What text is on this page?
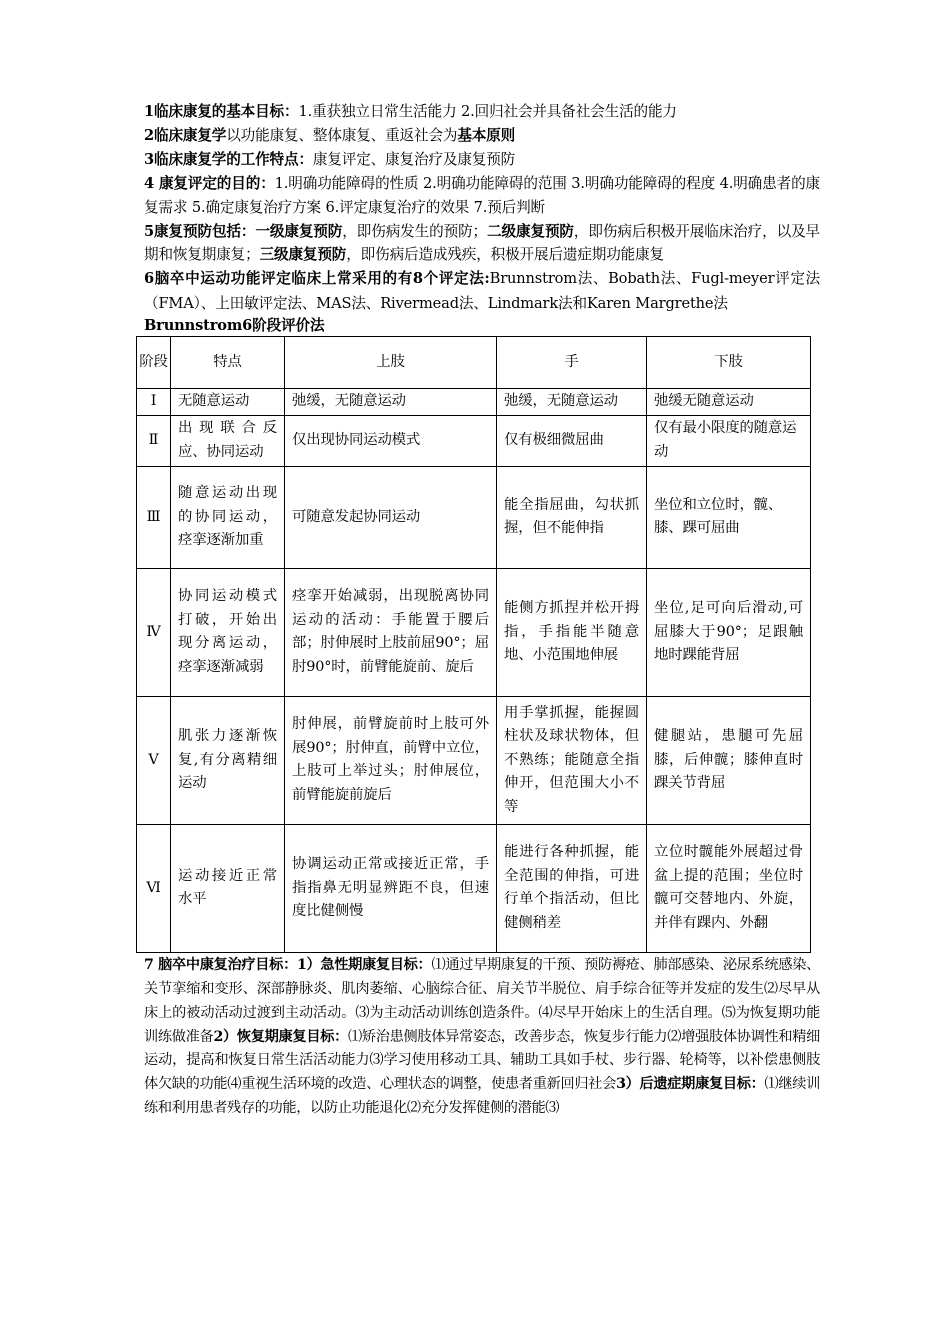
1临床康复的基本目标：1.重获独立日常生活能力 2.回归社会并具备社会生活的能力

2临床康复学以功能康复、整体康复、重返社会为基本原则

3临床康复学的工作特点：康复评定、康复治疗及康复预防

4 康复评定的目的：1.明确功能障碍的性质 2.明确功能障碍的范围 3.明确功能障碍的程度 4.明确患者的康复需求 5.确定康复治疗方案 6.评定康复治疗的效果 7.预后判断

5康复预防包括：一级康复预防，即伤病发生的预防；二级康复预防，即伤病后积极开展临床治疗，以及早期和恢复期康复；三级康复预防，即伤病后造成残疾，积极开展后遗症期功能康复

6脑卒中运动功能评定临床上常采用的有8个评定法:Brunnstrom法、Bobath法、Fugl-meyer评定法（FMA）、上田敏评定法、MAS法、Rivermead法、Lindmark法和Karen Margrethe法

Brunnstrom6阶段评价法
阶段	特点	上肢	手	下肢
Ⅰ	无随意运动	弛缓，无随意运动	弛缓，无随意运动	弛缓无随意运动
Ⅱ	出现联合反应、协同运动	仅出现协同运动模式	仅有极细微屈曲	仅有最小限度的随意运动
Ⅲ	随意运动出现的协同运动，痉挛逐渐加重	可随意发起协同运动	能全指屈曲，勾状抓握，但不能伸指	坐位和立位时，髋、膝、踝可屈曲
Ⅳ	协同运动模式打破，开始出现分离运动，痉挛逐渐减弱	痉挛开始减弱，出现脱离协同运动的活动：手能置于腰后部；肘伸展时上肢前屈90°；屈肘90°时，前臂能旋前、旋后	能侧方抓捏并松开拇指，手指能半随意地、小范围地伸展	坐位,足可向后滑动,可屈膝大于90°；足跟触地时踝能背屈
Ⅴ	肌张力逐渐恢复,有分离精细运动	肘伸展，前臂旋前时上肢可外展90°；肘伸直，前臂中立位，上肢可上举过头；肘伸展位，前臂能旋前旋后	用手掌抓握，能握圆柱状及球状物体，但不熟练；能随意全指伸开，但范围大小不等	健腿站，患腿可先屈膝，后伸髋；膝伸直时踝关节背屈
Ⅵ	运动接近正常水平	协调运动正常或接近正常，手指指鼻无明显辨距不良，但速度比健侧慢	能进行各种抓握，能全范围的伸指，可进行单个指活动，但比健侧稍差	立位时髋能外展超过骨盆上提的范围；坐位时髋可交替地内、外旋，并伴有踝内、外翻

7 脑卒中康复治疗目标：1）急性期康复目标：⑴通过早期康复的干预、预防褥疮、肺部感染、泌尿系统感染、关节挛缩和变形、深部静脉炎、肌肉萎缩、心脑综合征、肩关节半脱位、肩手综合征等并发症的发生⑵尽早从床上的被动活动过渡到主动活动。⑶为主动活动训练创造条件。⑷尽早开始床上的生活自理。⑸为恢复期功能训练做准备2）恢复期康复目标：⑴矫治患侧肢体异常姿态，改善步态，恢复步行能力⑵增强肢体协调性和精细运动，提高和恢复日常生活活动能力⑶学习使用移动工具、辅助工具如手杖、步行器、轮椅等，以补偿患侧肢体欠缺的功能⑷重视生活环境的改造、心理状态的调整，使患者重新回归社会3）后遗症期康复目标：⑴继续训练和利用患者残存的功能，以防止功能退化⑵充分发挥健侧的潜能⑶
